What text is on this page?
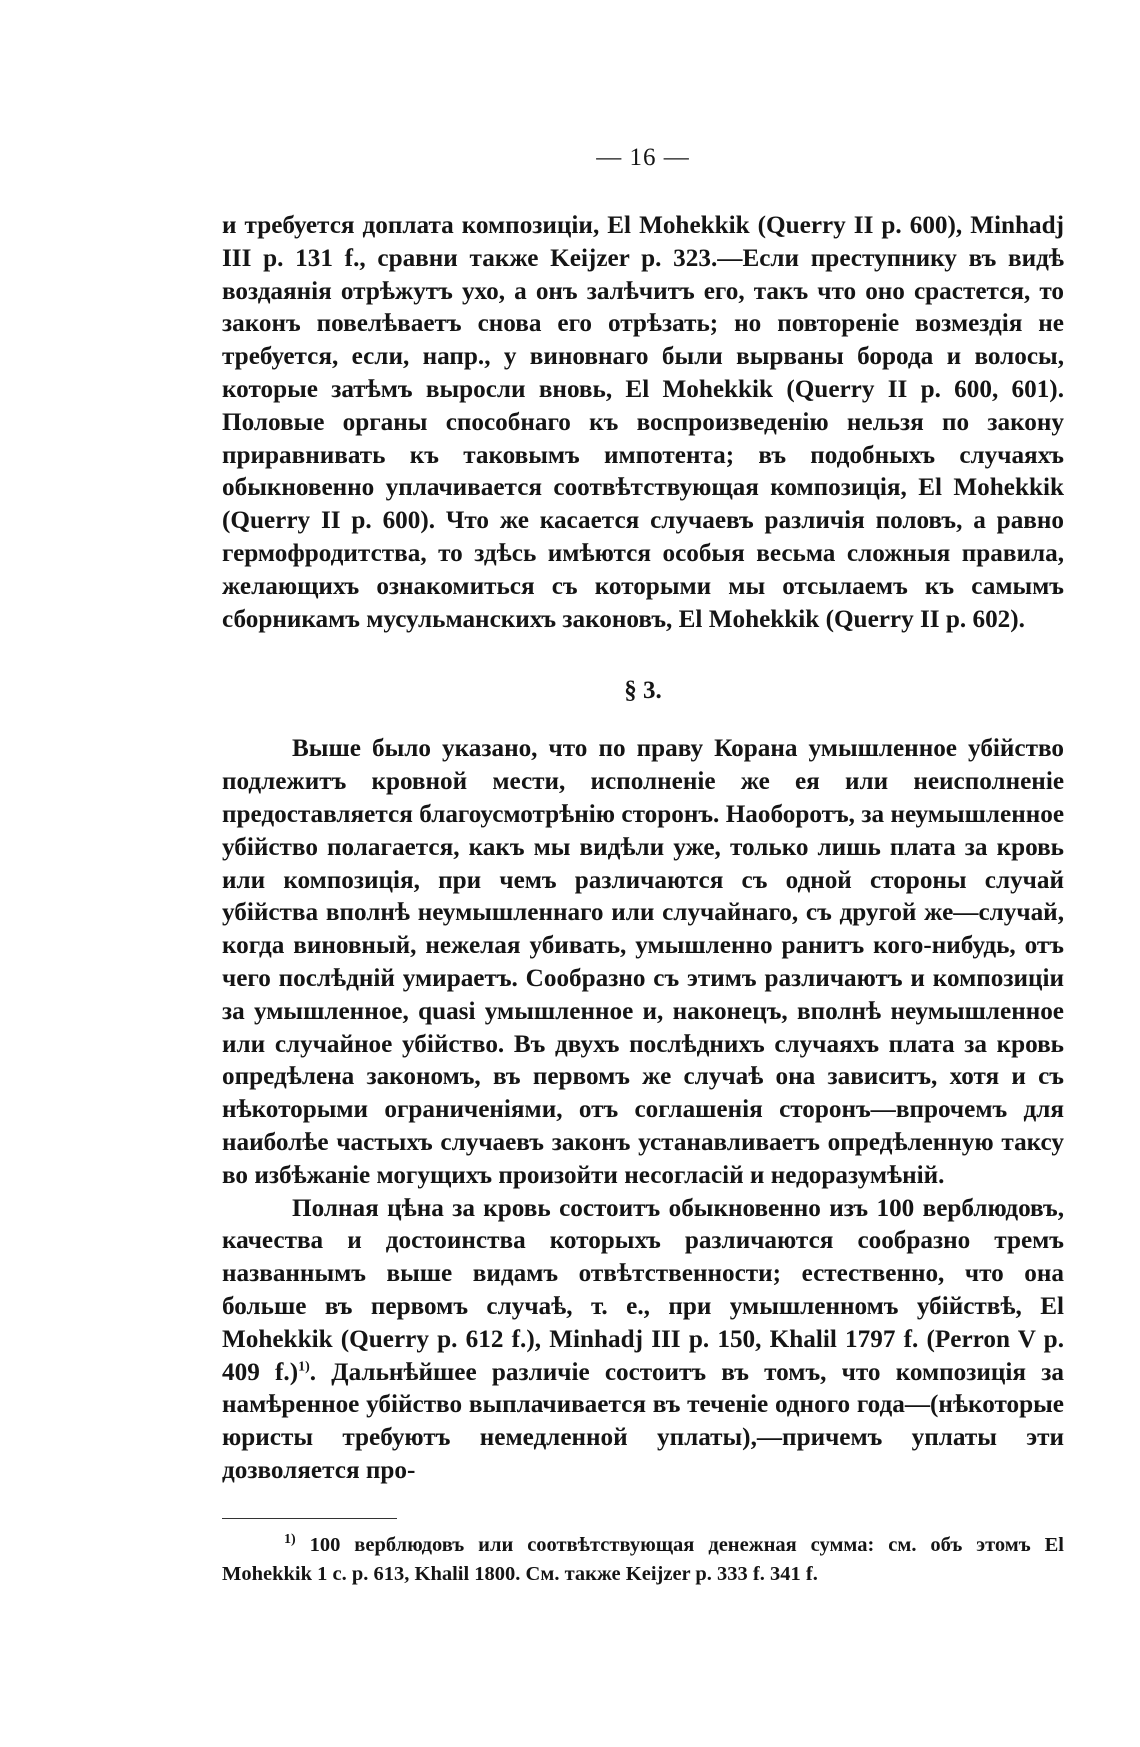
— 16 —

и требуется доплата композиціи, El Mohekkik (Querry II р. 600), Minhadj III р. 131 f., сравни также Keijzer р. 323.—Если преступнику въ видѣ воздаянія отрѣжутъ ухо, а онъ залѣчитъ его, такъ что оно срастется, то законъ повелѣваетъ снова его отрѣзать; но повтореніе возмездія не требуется, если, напр., у виновнаго были вырваны борода и волосы, которые затѣмъ выросли вновь, El Mohekkik (Querry II р. 600, 601). Половые органы способнаго къ воспроизведенію нельзя по закону приравнивать къ таковымъ импотента; въ подобныхъ случаяхъ обыкновенно уплачивается соотвѣтствующая композиція, El Mohekkik (Querry II р. 600). Что же касается случаевъ различія половъ, а равно гермофродитства, то здѣсь имѣются особыя весьма сложныя правила, желающихъ ознакомиться съ которыми мы отсылаемъ къ самымъ сборникамъ мусульманскихъ законовъ, El Mohekkik (Querry II р. 602).

§ 3.

Выше было указано, что по праву Корана умышленное убійство подлежитъ кровной мести, исполненіе же ея или неисполненіе предоставляется благоусмотрѣнію сторонъ. Наоборотъ, за неумышленное убійство полагается, какъ мы видѣли уже, только лишь плата за кровь или композиція, при чемъ различаются съ одной стороны случай убійства вполнѣ неумышленнаго или случайнаго, съ другой же—случай, когда виновный, нежелая убивать, умышленно ранитъ кого-нибудь, отъ чего послѣдній умираетъ. Сообразно съ этимъ различаютъ и композиціи за умышленное, quasi умышленное и, наконецъ, вполнѣ неумышленное или случайное убійство. Въ двухъ послѣднихъ случаяхъ плата за кровь опредѣлена закономъ, въ первомъ же случаѣ она зависитъ, хотя и съ нѣкоторыми ограниченіями, отъ соглашенія сторонъ—впрочемъ для наиболѣе частыхъ случаевъ законъ устанавливаетъ опредѣленную таксу во избѣжаніе могущихъ произойти несогласій и недоразумѣній.

Полная цѣна за кровь состоитъ обыкновенно изъ 100 верблюдовъ, качества и достоинства которыхъ различаются сообразно тремъ названнымъ выше видамъ отвѣтственности; естественно, что она больше въ первомъ случаѣ, т. е., при умышленномъ убійствѣ, El Mohekkik (Querry р. 612 f.), Minhadj III р. 150, Khalil 1797 f. (Perron V р. 409 f.)$^{1)}$. Дальнѣйшее различіе состоитъ въ томъ, что композиція за намѣренное убійство выплачивается въ теченіе одного года—(нѣкоторые юристы требуютъ немедленной уплаты),—причемъ уплаты эти дозволяется про-

$^{1)}$ 100 верблюдовъ или соотвѣтствующая денежная сумма: см. объ этомъ El Mohekkik 1 с. р. 613, Khalil 1800. См. также Keijzer р. 333 f. 341 f.
